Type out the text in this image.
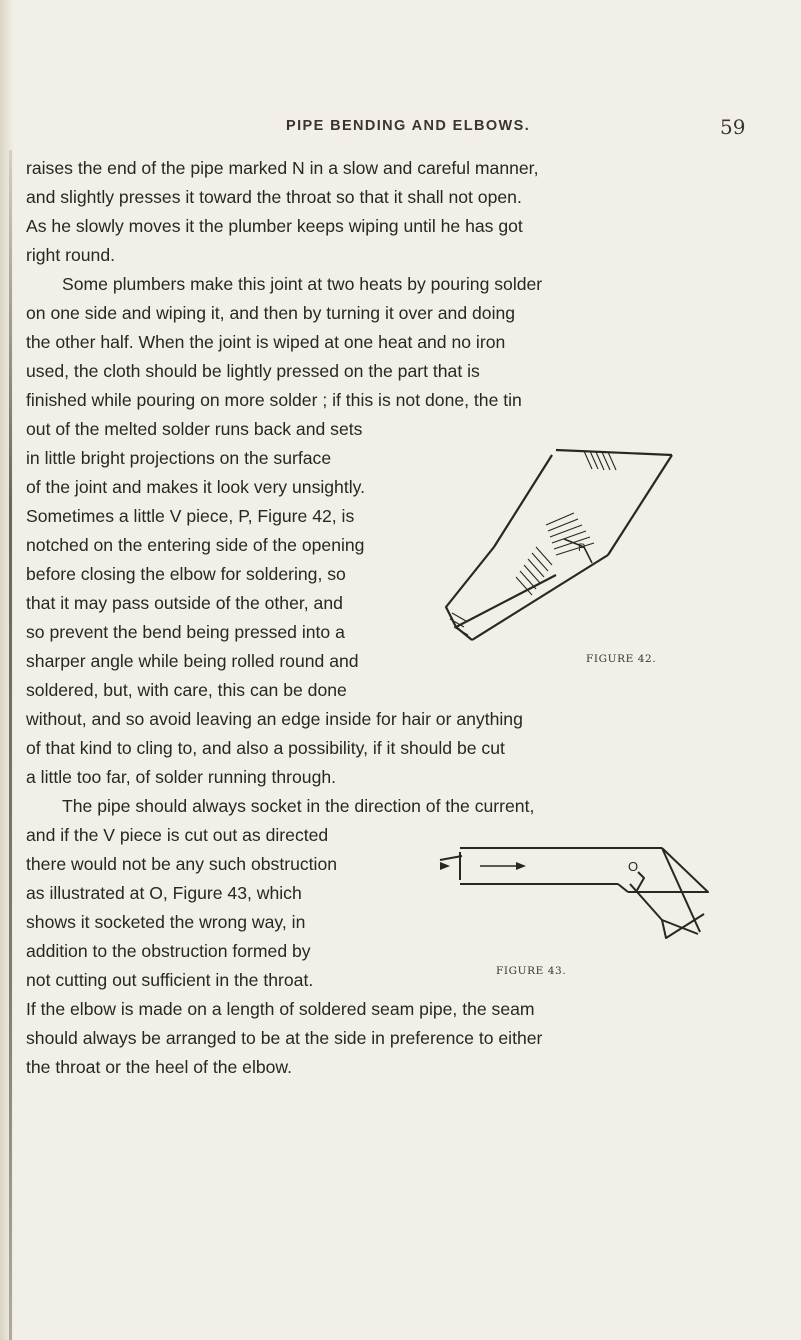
PIPE BENDING AND ELBOWS.	59
raises the end of the pipe marked N in a slow and careful manner,
and slightly presses it toward the throat so that it shall not open.
As he slowly moves it the plumber keeps wiping until he has got
right round.
Some plumbers make this joint at two heats by pouring solder
on one side and wiping it, and then by turning it over and doing
the other half. When the joint is wiped at one heat and no iron
used, the cloth should be lightly pressed on the part that is
finished while pouring on more solder ; if this is not done, the tin
out of the melted solder runs back and sets
in little bright projections on the surface
of the joint and makes it look very unsightly.
Sometimes a little V piece, P, Figure 42, is
notched on the entering side of the opening
before closing the elbow for soldering, so
that it may pass outside of the other, and
so prevent the bend being pressed into a
sharper angle while being rolled round and
soldered, but, with care, this can be done
without, and so avoid leaving an edge inside for hair or anything
of that kind to cling to, and also a possibility, if it should be cut
a little too far, of solder running through.
The pipe should always socket in the direction of the current,
and if the V piece is cut out as directed
there would not be any such obstruction
as illustrated at O, Figure 43, which
shows it socketed the wrong way, in
addition to the obstruction formed by
not cutting out sufficient in the throat.
If the elbow is made on a length of soldered seam pipe, the seam
should always be arranged to be at the side in preference to either
the throat or the heel of the elbow.
P
FIGURE 42.
O
FIGURE 43.
